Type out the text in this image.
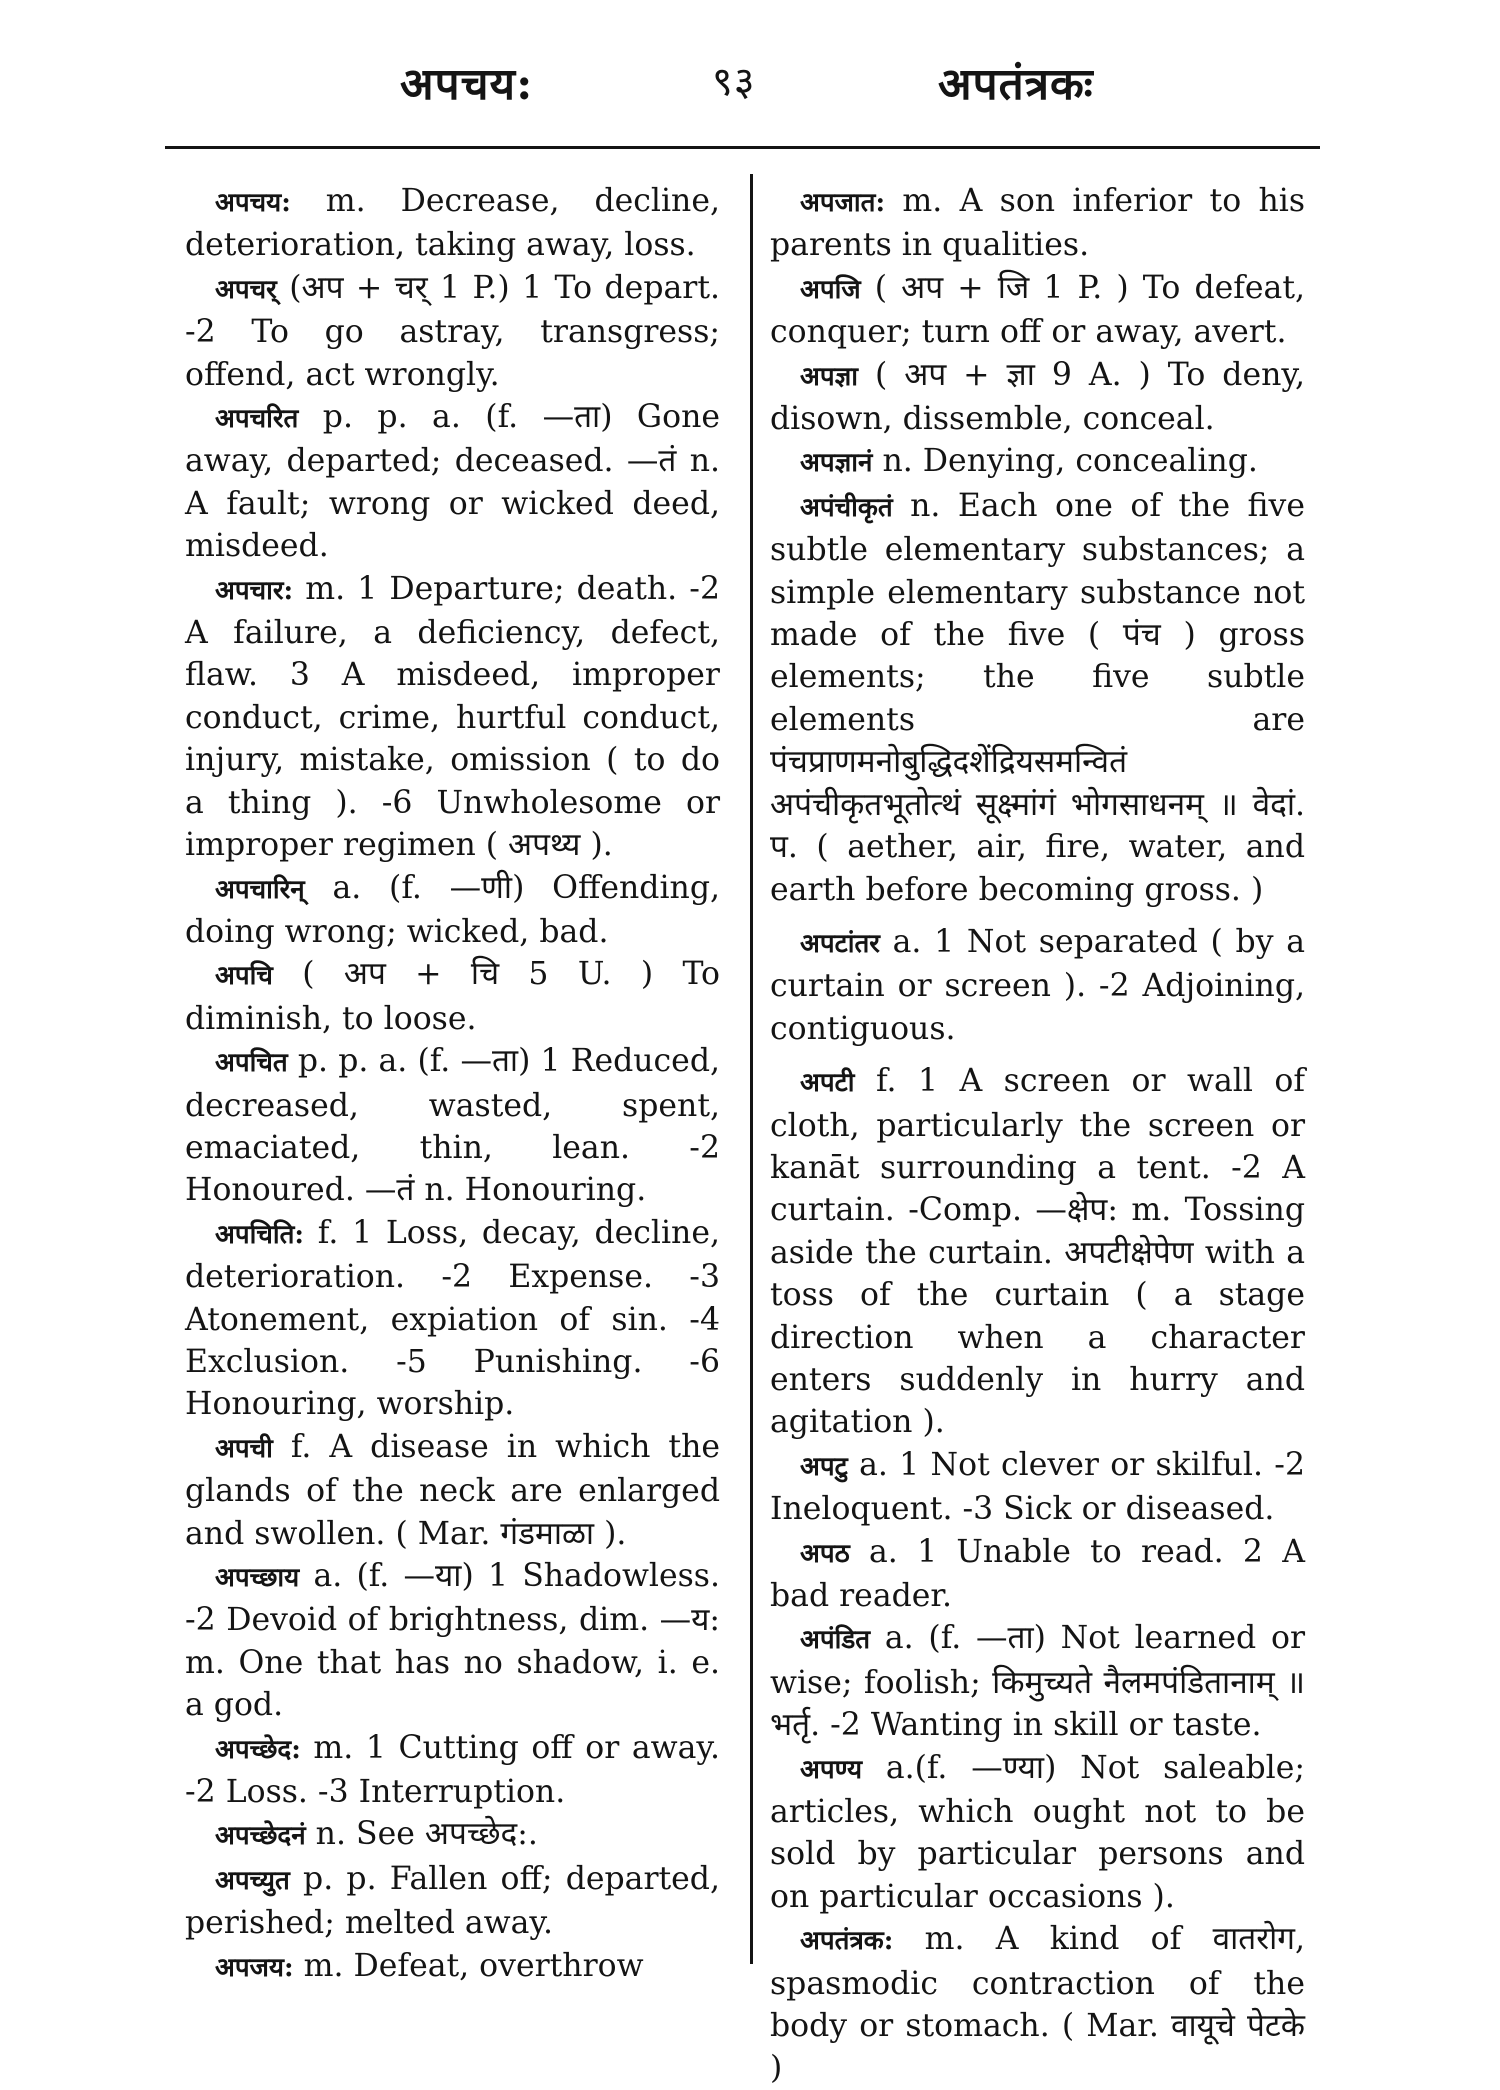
अपचय:	९३	अपतंत्रकः

अपचय: m. Decrease, decline, deterioration, taking away, loss.

अपचर् (अप + चर् 1 P.) 1 To depart. -2 To go astray, transgress; offend, act wrongly.

अपचरित p. p. a. (f. —ता) Gone away, departed; deceased. —तं n. A fault; wrong or wicked deed, misdeed.

अपचार: m. 1 Departure; death. -2 A failure, a deficiency, defect, flaw. 3 A misdeed, improper conduct, crime, hurtful conduct, injury, mistake, omission ( to do a thing ). -6 Unwholesome or improper regimen ( अपथ्य ).

अपचारिन् a. (f. —णी) Offending, doing wrong; wicked, bad.

अपचि ( अप + चि 5 U. ) To diminish, to loose.

अपचित p. p. a. (f. —ता) 1 Reduced, decreased, wasted, spent, emaciated, thin, lean. -2 Honoured. —तं n. Honouring.

अपचिति: f. 1 Loss, decay, decline, deterioration. -2 Expense. -3 Atonement, expiation of sin. -4 Exclusion. -5 Punishing. -6 Honouring, worship.

अपची f. A disease in which the glands of the neck are enlarged and swollen. ( Mar. गंडमाळा ).

अपच्छाय a. (f. —या) 1 Shadowless. -2 Devoid of brightness, dim. —य: m. One that has no shadow, i. e. a god.

अपच्छेद: m. 1 Cutting off or away. -2 Loss. -3 Interruption.

अपच्छेदनं n. See अपच्छेद:.

अपच्युत p. p. Fallen off; departed, perished; melted away.

अपजय: m. Defeat, overthrow

अपजात: m. A son inferior to his parents in qualities.

अपजि ( अप + जि 1 P. ) To defeat, conquer; turn off or away, avert.

अपज्ञा ( अप + ज्ञा 9 A. ) To deny, disown, dissemble, conceal.

अपज्ञानं n. Denying, concealing.

अपंचीकृतं n. Each one of the five subtle elementary substances; a simple elementary substance not made of the five ( पंच ) gross elements; the five subtle elements are पंचप्राणमनोबुद्धिदशेंद्रियसमन्वितं अपंचीकृतभूतोत्थं सूक्ष्मांगं भोगसाधनम् ॥ वेदां. प. ( aether, air, fire, water, and earth before becoming gross. )

अपटांतर a. 1 Not separated ( by a curtain or screen ). -2 Adjoining, contiguous.

अपटी f. 1 A screen or wall of cloth, particularly the screen or kanāt surrounding a tent. -2 A curtain. -Comp. —क्षेप: m. Tossing aside the curtain. अपटीक्षेपेण with a toss of the curtain ( a stage direction when a character enters suddenly in hurry and agitation ).

अपटु a. 1 Not clever or skilful. -2 Ineloquent. -3 Sick or diseased.

अपठ a. 1 Unable to read. 2 A bad reader.

अपंडित a. (f. —ता) Not learned or wise; foolish; किमुच्यते नैलमपंडितानाम् ॥ भर्तृ. -2 Wanting in skill or taste.

अपण्य a.(f. —ण्या) Not saleable; articles, which ought not to be sold by particular persons and on particular occasions ).

अपतंत्रक: m. A kind of वातरोग, spasmodic contraction of the body or stomach. ( Mar. वायूचे पेटके )
